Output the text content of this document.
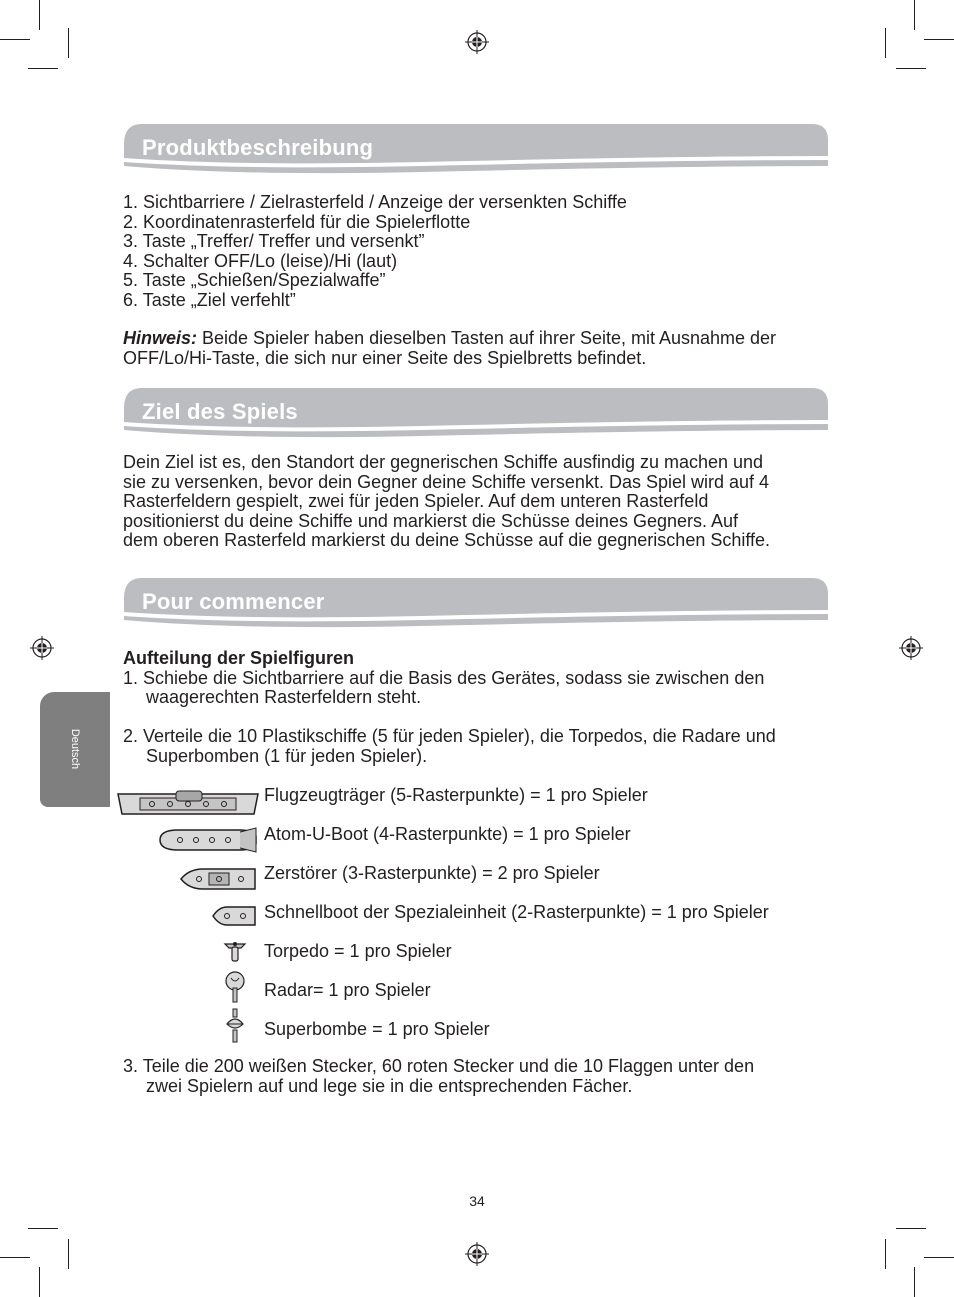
Produktbeschreibung
1. Sichtbarriere / Zielrasterfeld / Anzeige der versenkten Schiffe
2. Koordinatenrasterfeld für die Spielerflotte
3. Taste „Treffer/ Treffer und versenkt”
4. Schalter OFF/Lo (leise)/Hi (laut)
5. Taste „Schießen/Spezialwaffe”
6. Taste „Ziel verfehlt”
Hinweis: Beide Spieler haben dieselben Tasten auf ihrer Seite, mit Ausnahme der
OFF/Lo/Hi-Taste, die sich nur einer Seite des Spielbretts befindet.
Ziel des Spiels
Dein Ziel ist es, den Standort der gegnerischen Schiffe ausfindig zu machen und
sie zu versenken, bevor dein Gegner deine Schiffe versenkt. Das Spiel wird auf 4
Rasterfeldern gespielt, zwei für jeden Spieler. Auf dem unteren Rasterfeld
positionierst du deine Schiffe und markierst die Schüsse deines Gegners. Auf
dem oberen Rasterfeld markierst du deine Schüsse auf die gegnerischen Schiffe.
Pour commencer
Deutsch
Aufteilung der Spielfiguren
1. Schiebe die Sichtbarriere auf die Basis des Gerätes, sodass sie zwischen den
waagerechten Rasterfeldern steht.
2. Verteile die 10 Plastikschiffe (5 für jeden Spieler), die Torpedos, die Radare und
Superbomben (1 für jeden Spieler).
Flugzeugträger (5-Rasterpunkte) = 1 pro Spieler
Atom-U-Boot (4-Rasterpunkte) = 1 pro Spieler
Zerstörer (3-Rasterpunkte) = 2 pro Spieler
Schnellboot der Spezialeinheit (2-Rasterpunkte) = 1 pro Spieler
Torpedo = 1 pro Spieler
Radar= 1 pro Spieler
Superbombe = 1 pro Spieler
3. Teile die 200 weißen Stecker, 60 roten Stecker und die 10 Flaggen unter den
zwei Spielern auf und lege sie in die entsprechenden Fächer.
34
